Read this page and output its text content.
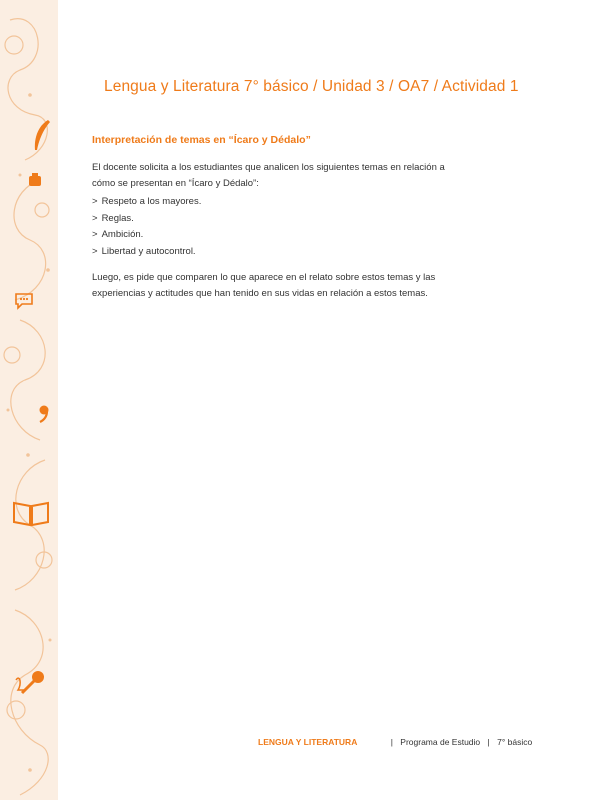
Lengua y Literatura 7° básico / Unidad 3 / OA7 / Actividad 1
Interpretación de temas en “Ícaro y Dédalo”

El docente solicita a los estudiantes que analicen los siguientes temas en relación a
cómo se presentan en “Ícaro y Dédalo”:

> Respeto a los mayores.
> Reglas.
> Ambición.
> Libertad y autocontrol.

Luego, es pide que comparen lo que aparece en el relato sobre estos temas y las
experiencias y actitudes que han tenido en sus vidas en relación a estos temas.

LENGUA Y LITERATURA	| Programa de Estudio | 7° básico
